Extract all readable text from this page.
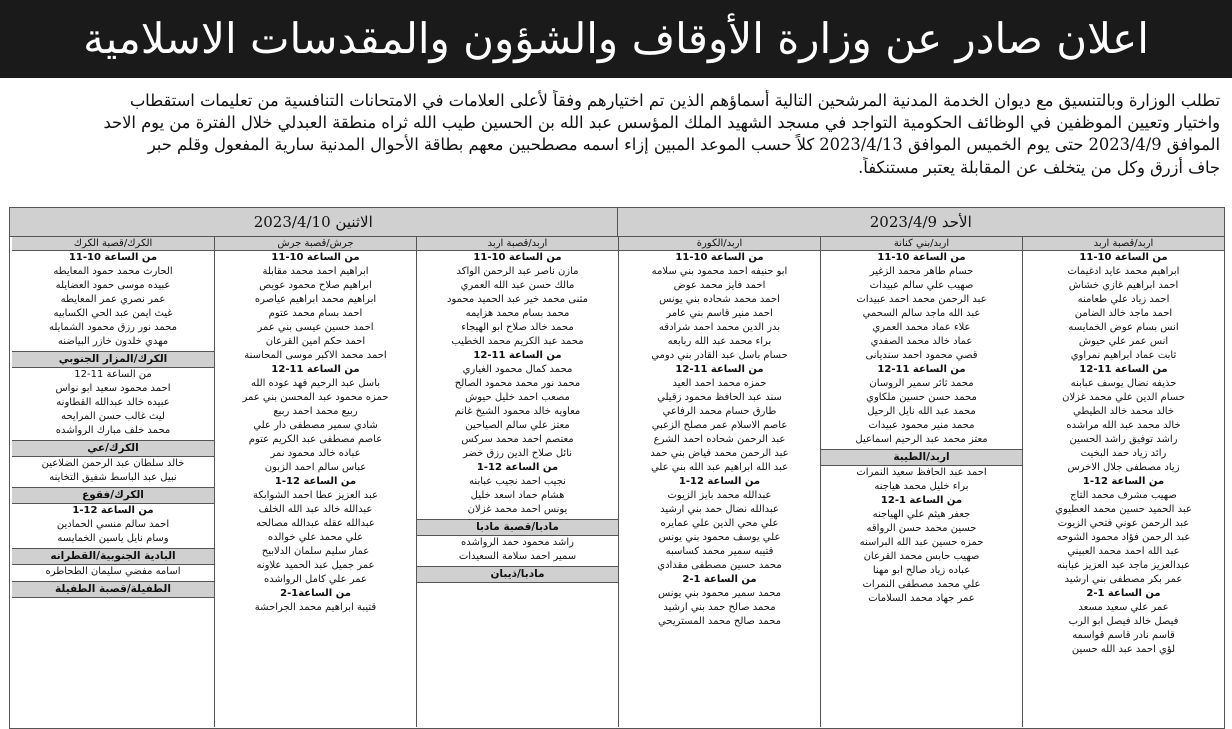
اعلان صادر عن وزارة الأوقاف والشؤون والمقدسات الاسلامية

تطلب الوزارة وبالتنسيق مع ديوان الخدمة المدنية المرشحين التالية أسماؤهم الذين تم اختيارهم وفقاً لأعلى العلامات في الامتحانات التنافسية من تعليمات استقطاب

واختيار وتعيين الموظفين في الوظائف الحكومية التواجد في مسجد الشهيد الملك المؤسس عبد الله بن الحسين طيب الله ثراه منطقة العبدلي خلال الفترة من يوم الاحد

الموافق 2023/4/9 حتى يوم الخميس الموافق 2023/4/13 كلاً حسب الموعد المبين إزاء اسمه مصطحبين معهم بطاقة الأحوال المدنية سارية المفعول وقلم حبر

جاف أزرق وكل من يتخلف عن المقابلة يعتبر مستنكفاً.

الأحد 2023/4/9
الاثنين 2023/4/10
اربد/قصبة اربد
من الساعة 10-11
ابراهيم محمد عايد ادغيمات
احمد ابراهيم غازي خشاش
احمد زياد علي طعامنه
احمد ماجد خالد الضامن
انس بسام عوض الخمايسه
انس عمر علي حيوش
ثابت عماد ابراهيم نمراوي
من الساعة 11-12
حذيفه نضال يوسف عبابنه
حسام الدين علي محمد غزلان
خالد محمد خالد الطيطي
خالد محمد عبد الله مراشده
راشد توفيق راشد الحسين
رائد زياد حمد البخيت
زياد مصطفى جلال الاخرس
من الساعة 12-1
صهيب مشرف محمد التاج
عبد الحميد حسين محمد العطيوي
عبد الرحمن عوني فتحي الزيوت
عبد الرحمن فؤاد محمود الشوحه
عبد الله احمد محمد العبيني
عبدالعزيز ماجد عبد العزيز عبابنه
عمر بكر مصطفى بني ارشيد
من الساعة 1-2
عمر علي سعيد مسعد
فيصل خالد فيصل ابو الرب
قاسم نادر قاسم قواسمه
لؤي احمد عبد الله حسين
اربد/بني كنانة
من الساعة 10-11
حسام طاهر محمد الزغير
صهيب علي سالم عبيدات
عبد الرحمن محمد احمد عبيدات
عبد الله ماجد سالم السحمي
علاء عماد محمد العمري
عماد خالد محمد الصفدي
قصي محمود احمد سنديانى
من الساعة 11-12
محمد ثائر سمير الروسان
محمد حسن حسين ملكاوي
محمد عبد الله نايل الرحيل
محمد منير محمود عبيدات
معتز محمد عبد الرحيم اسماعيل
اربد/الطيبة
احمد عبد الحافظ سعيد النمرات
براء خليل محمد هياجنه
من الساعة 1-12
جعفر هيثم علي الهياجنه
حسين محمد حسن الرواقه
حمزه حسين عبد الله البراسنه
صهيب حابس محمد القرعان
عباده زياد صالح ابو مهنا
علي محمد مصطفى النمرات
عمر جهاد محمد السلامات
اربد/الكورة
من الساعة 10-11
ابو حنيفه احمد محمود بني سلامه
احمد فايز محمد عوض
احمد محمد شحاده بني يونس
احمد منير قاسم بني عامر
بدر الدين محمد احمد شرادقه
براء محمد عبد الله ربابعه
حسام باسل عبد القادر بني دومي
من الساعة 11-12
حمزه محمد احمد العيد
سند عبد الحافظ محمود زقيلي
طارق حسام محمد الرفاعي
عاصم الاسلام عمر مصلح الزعبي
عبد الرحمن شحاده احمد الشرع
عبد الرحمن محمد فياض بني حمد
عبد الله ابراهيم عبد الله بني علي
من الساعة 12-1
عبدالله محمد بايز الزيوت
عبدالله نضال حمد بني ارشيد
علي محي الدين علي عمايره
علي يوسف محمود بني يونس
قتيبه سمير محمد كساسبه
محمد حسين مصطفى مقدادي
من الساعة 1-2
محمد سمير محمود بني يونس
محمد صالح حمد بني ارشيد
محمد صالح محمد المستريحي
اربد/قصبة اربد
من الساعة 10-11
مازن ناصر عبد الرحمن الواكد
مالك حسن عبد الله العمري
مثنى محمد خير عبد الحميد محمود
محمد بسام محمد هزايمه
محمد خالد صلاح ابو الهيجاء
محمد عبد الكريم محمد الخطيب
من الساعة 11-12
محمد كمال محمود الغياري
محمد نور محمد محمود الصالح
مصعب احمد خليل حيوش
معاويه خالد محمود الشيخ غانم
معتز علي سالم الصياحين
معتصم احمد محمد سركس
نائل صلاح الدين رزق خضر
من الساعة 12-1
نجيب احمد نجيب عبابنه
هشام حماد اسعد خليل
يونس احمد محمد غزلان
مادبا/قصبة مادبا
راشد محمود حمد الرواشده
سمير احمد سلامة السعيدات
مادبا/ذيبان
جرش/قصبة جرش
من الساعة 10-11
ابراهيم احمد محمد مقابلة
ابراهيم صلاح محمود عويص
ابراهيم محمد ابراهيم عياصره
احمد بسام محمد عتوم
احمد حسين عيسى بني عمر
احمد حكم امين القرعان
احمد محمد الاكبر موسى المحاسنة
من الساعة 11-12
باسل عبد الرحيم فهد عوده الله
حمزه محمود عبد المحسن بني عمر
ربيع محمد احمد ربيع
شادي سمير مصطفى دار علي
عاصم مصطفى عبد الكريم عتوم
عباده خالد محمود نمر
عباس سالم احمد الزبون
من الساعة 12-1
عبد العزيز عطا احمد الشوابكة
عبدالله خالد عبد الله الخلف
عبدالله عقله عبدالله مصالحه
علي محمد علي خوالده
عمار سليم سلمان الدلابيح
عمر جميل عبد الحميد علاونه
عمر علي كامل الرواشده
من الساعة1-2
قتيبة ابراهيم محمد الجراحشة
الكرك/قصبة الكرك
من الساعة 10-11
الحارث محمد حمود المعايطه
عبيده موسى حمود العضايله
عمر نصري عمر المعايطه
غيث ايمن عبد الحي الكسابيه
محمد نور رزق محمود الشمايله
مهدي خلدون خازر البياضنه
الكرك/المزار الجنوبي
من الساعة 11-12
احمد محمود سعيد ابو نواس
عبيده خالد عبدالله القطاونه
ليث غالب حسن المرايحه
محمد خلف مبارك الرواشده
الكرك/عي
خالد سلطان عبد الرحمن الضلاعين
نبيل عبد الباسط شفيق التخاينه
الكرك/فقوع
من الساعة 12-1
احمد سالم منسي الحمادين
وسام نايل ياسين الخمايسه
البادية الجنوبية/القطرانه
اسامه مفضي سليمان الطحاطره
الطفيلة/قصبة الطفيلة
